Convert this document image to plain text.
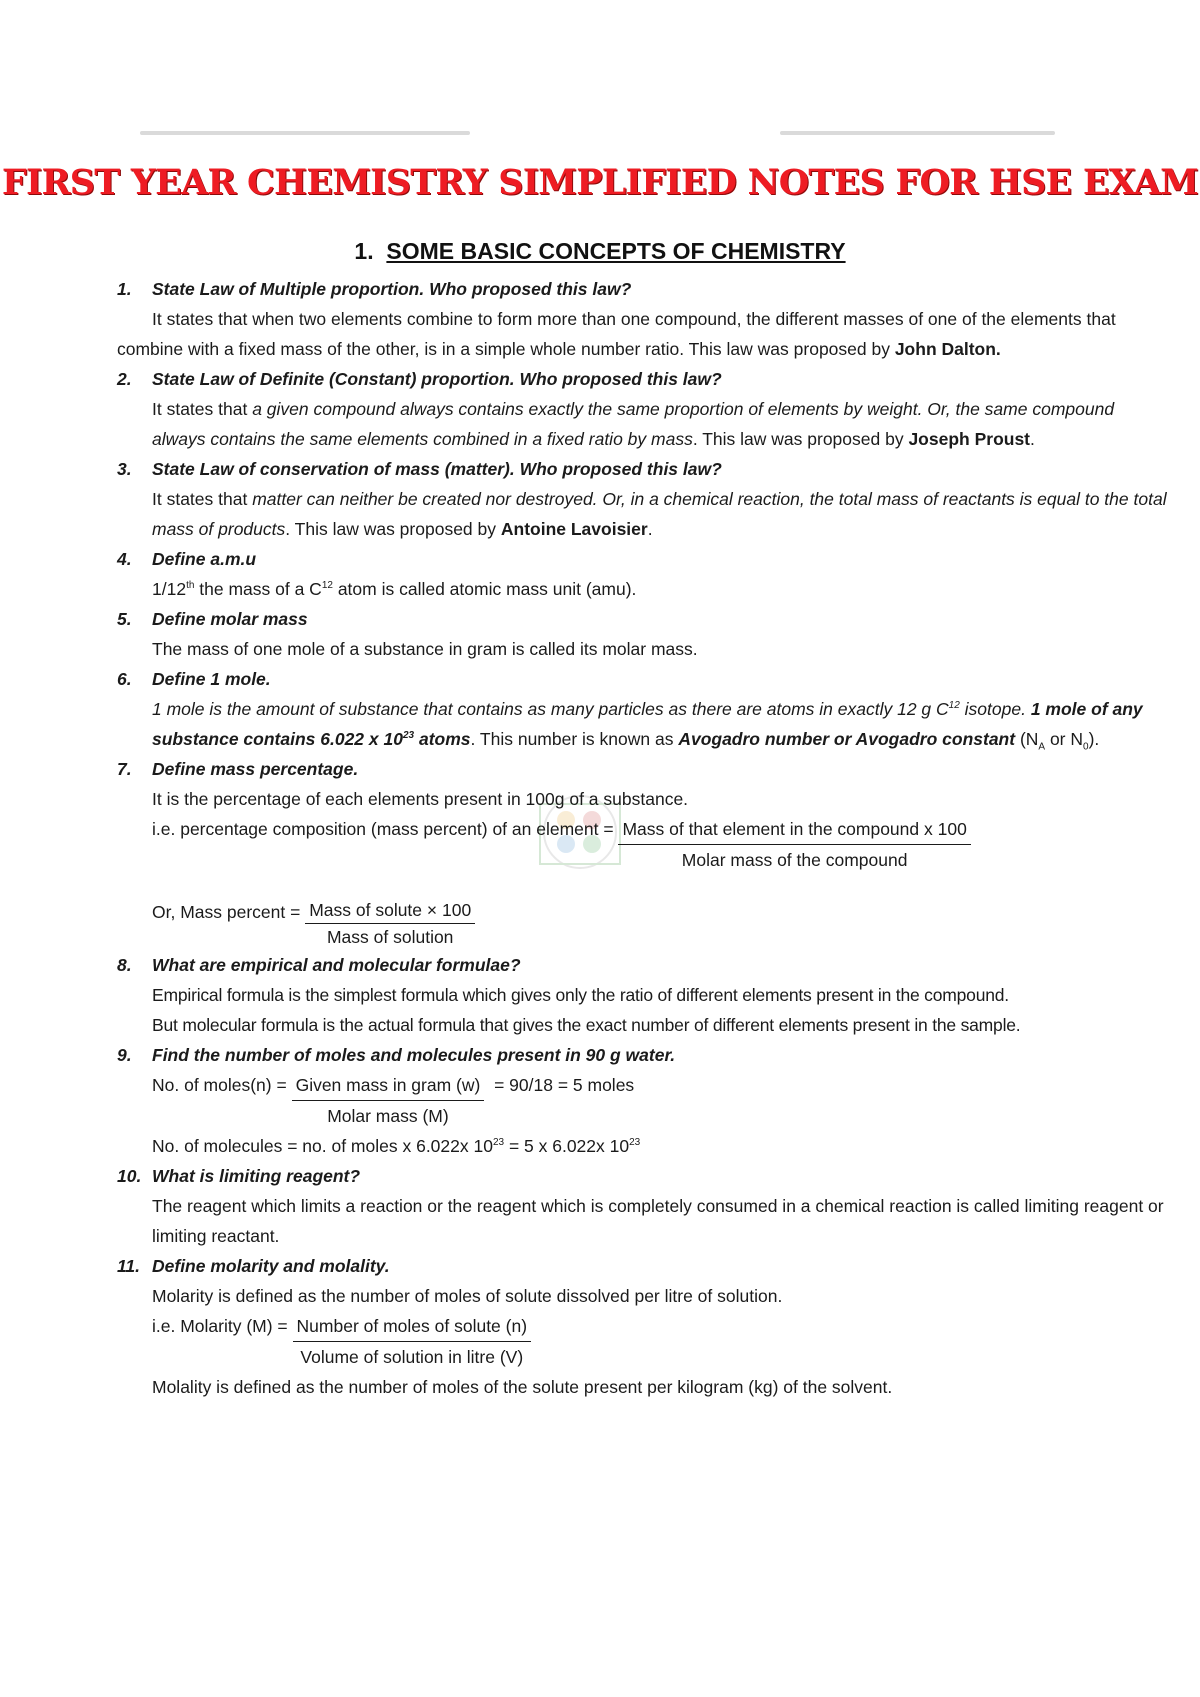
FIRST YEAR CHEMISTRY SIMPLIFIED NOTES FOR HSE EXAM
1. SOME BASIC CONCEPTS OF CHEMISTRY
1.	State Law of Multiple proportion. Who proposed this law?
It states that when two elements combine to form more than one compound, the different masses of one of the elements that combine with a fixed mass of the other, is in a simple whole number ratio. This law was proposed by John Dalton.
2.	State Law of Definite (Constant) proportion. Who proposed this law?
It states that a given compound always contains exactly the same proportion of elements by weight. Or, the same compound always contains the same elements combined in a fixed ratio by mass. This law was proposed by Joseph Proust.
3.	State Law of conservation of mass (matter). Who proposed this law?
It states that matter can neither be created nor destroyed. Or, in a chemical reaction, the total mass of reactants is equal to the total mass of products. This law was proposed by Antoine Lavoisier.
4.	Define a.m.u
1/12th the mass of a $C^{12}$ atom is called atomic mass unit (amu).
5.	Define molar mass
The mass of one mole of a substance in gram is called its molar mass.
6.	Define 1 mole.
1 mole is the amount of substance that contains as many particles as there are atoms in exactly 12 g $C^{12}$ isotope. 1 mole of any substance contains 6.022 x $10^{23}$ atoms. This number is known as Avogadro number or Avogadro constant ($N_A$ or $N_0$).
7.	Define mass percentage.
It is the percentage of each elements present in 100g of a substance.
i.e. percentage composition (mass percent) of an element =
$\frac{\text{Mass of that element in the compound x 100}}{\text{Molar mass of the compound}}$
Or, Mass percent =
$\frac{\text{Mass of solute × 100}}{\text{Mass of solution}}$
8.	What are empirical and molecular formulae?
Empirical formula is the simplest formula which gives only the ratio of different elements present in the compound.
But molecular formula is the actual formula that gives the exact number of different elements present in the sample.
9.	Find the number of moles and molecules present in 90 g water.
No. of moles(n) =
$\frac{\text{Given mass in gram (w)}}{\text{Molar mass (M)}}$
= 90/18 = 5 moles
No. of molecules = no. of moles x 6.022x $10^{23} = 5$ x 6.022x $10^{23}$
10. What is limiting reagent?
The reagent which limits a reaction or the reagent which is completely consumed in a chemical reaction is called limiting reagent or limiting reactant.
11. Define molarity and molality.
Molarity is defined as the number of moles of solute dissolved per litre of solution.
i.e. Molarity (M) =
$\frac{\text{Number of moles of solute (n)}}{\text{Volume of solution in litre (V)}}$
Molality is defined as the number of moles of the solute present per kilogram (kg) of the solvent.
